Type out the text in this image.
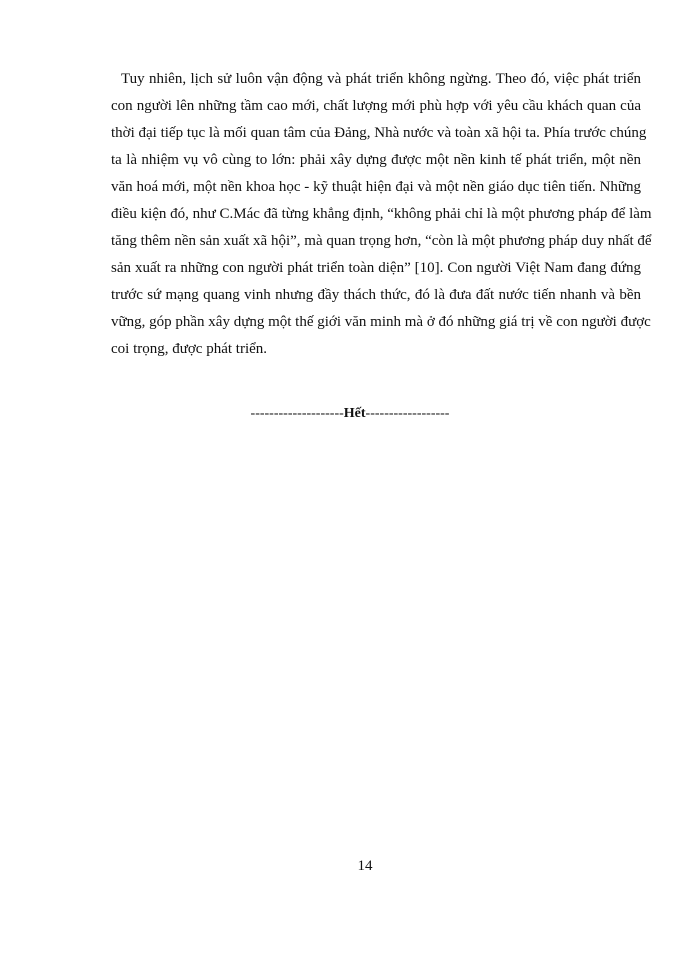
Tuy nhiên, lịch sử luôn vận động và phát triển không ngừng. Theo đó, việc phát triển
con người lên những tầm cao mới, chất lượng mới phù hợp với yêu cầu khách quan của
thời đại tiếp tục là mối quan tâm của Đảng, Nhà nước và toàn xã hội ta. Phía trước chúng
ta là nhiệm vụ vô cùng to lớn: phải xây dựng được một nền kinh tế phát triển, một nền
văn hoá mới, một nền khoa học - kỹ thuật hiện đại và một nền giáo dục tiên tiến. Những
điều kiện đó, như C.Mác đã từng khẳng định, “không phải chỉ là một phương pháp để làm
tăng thêm nền sản xuất xã hội”, mà quan trọng hơn, “còn là một phương pháp duy nhất để
sản xuất ra những con người phát triển toàn diện” [10]. Con người Việt Nam đang đứng
trước sứ mạng quang vinh nhưng đầy thách thức, đó là đưa đất nước tiến nhanh và bền
vững, góp phần xây dựng một thế giới văn minh mà ở đó những giá trị về con người được
coi trọng, được phát triển.
--------------------Hết------------------
14
